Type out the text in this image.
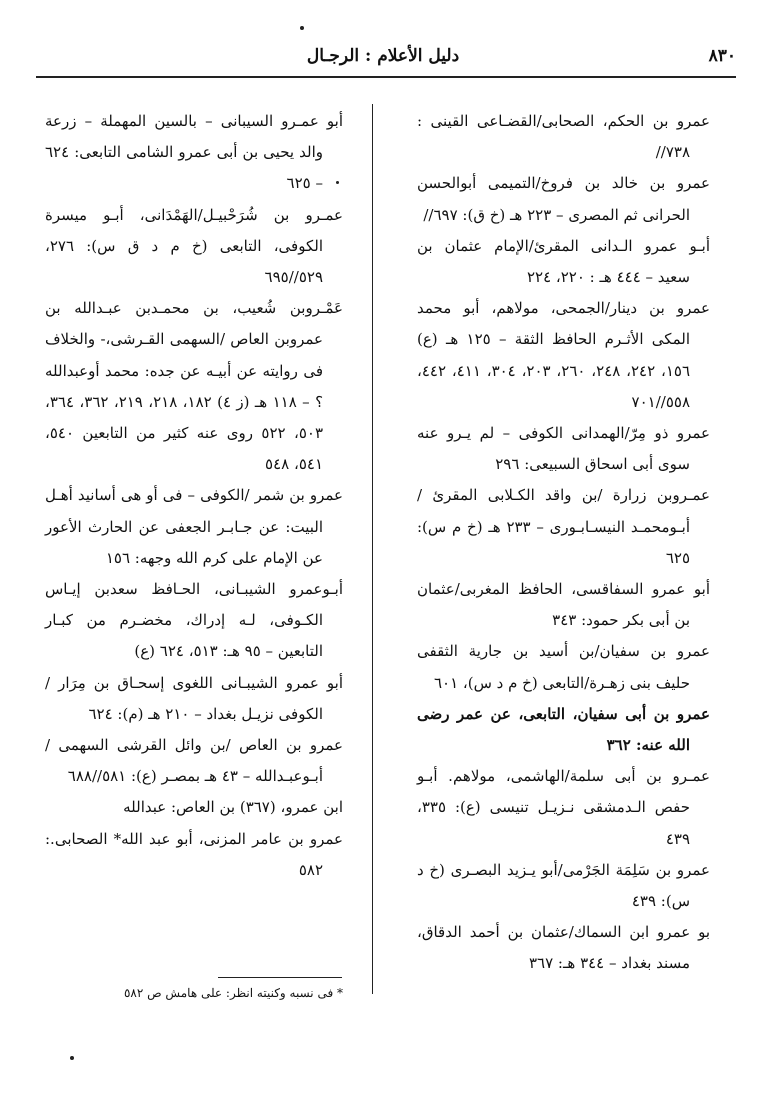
٨٣٠
دليل الأعلام : الرجـال

عمرو بن الحكم، الصحابى/القضـاعى القينى : ٧٣٨//

عمرو بن خالد بن فروخ/التميمى أبوالحسن الحرانى ثم المصرى – ٢٢٣ هـ (خ ق): ٦٩٧//

أبـو عمرو الـدانى المقرئ/الإمام عثمان بن سعيد – ٤٤٤ هـ : ٢٢٠، ٢٢٤

عمرو بن دينار/الجمحى، مولاهم، أبو محمد المكى الأثـرم الحافظ الثقة – ١٢٥ هـ (ع) ١٥٦، ٢٤٢، ٢٤٨، ٢٦٠، ٢٠٣، ٣٠٤، ٤١١، ٤٤٢، ٥٥٨//٧٠١

عمرو ذو مِرّ/الهمدانى الكوفى – لم يـرو عنه سوى أبى اسحاق السبيعى: ٢٩٦

عمـروبن زرارة /بن واقد الكـلابى المقرئ /أبـومحمـد النيسـابـورى – ٢٣٣ هـ (خ م س): ٦٢٥

أبو عمرو السفاقسى، الحافظ المغربى/عثمان بن أبى بكر حمود: ٣٤٣

عمرو بن سفيان/بن أسيد بن جارية الثقفى حليف بنى زهـرة/التابعى (خ م د س)، ٦٠١

عمرو بن أبى سفيان، التابعى، عن عمر رضى الله عنه: ٣٦٢

عمـرو بن أبى سلمة/الهاشمى، مولاهم. أبـو حفص الـدمشقى نـزيـل تنيسى (ع): ٣٣٥، ٤٣٩

عمرو بن سَلِمَة الجَرْمى/أبو يـزيد البصـرى (خ د س): ٤٣٩

بو عمرو ابن السماك/عثمان بن أحمد الدقاق، مسند بغداد – ٣٤٤ هـ: ٣٦٧

أبو عمـرو السيبانى – بالسين المهملة – زرعة والد يحيى بن أبى عمرو الشامى التابعى: ٦٢٤ – ٦٢٥

عمـرو بن شُرَحْبيـل/الهَمْدَانى، أبـو ميسرة الكوفى، التابعى (خ م د ق س): ٢٧٦، ٥٢٩//٦٩٥

عَمْـروبن شُعيب، بن محمـدبن عبـدالله بن عمروبن العاص /السهمى القـرشى،- والخلاف فى روايته عن أبيـه عن جده: محمد أوعبدالله ؟ – ١١٨ هـ (ز ٤) ١٨٢، ٢١٨، ٢١٩، ٣٦٢، ٣٦٤، ٥٠٣، ٥٢٢ روى عنه كثير من التابعين ٥٤٠، ٥٤١، ٥٤٨

عمرو بن شمر /الكوفى – فى أو هى أسانيد أهـل البيت: عن جـابـر الجعفى عن الحارث الأعور عن الإمام على كرم الله وجهه: ١٥٦

أبـوعمرو الشيبـانى، الحـافظ سعدبن إيـاس الكـوفى، لـه إدراك، مخضـرم من كبـار التابعين – ٩٥ هـ: ٥١٣، ٦٢٤ (ع)

أبو عمرو الشيبـانى اللغوى إسحـاق بن مِرَار /الكوفى نزيـل بغداد – ٢١٠ هـ (م): ٦٢٤

عمرو بن العاص /بن وائل القرشى السهمى /أبـوعبـدالله – ٤٣ هـ بمصـر (ع): ٥٨١//٦٨٨

ابن عمرو، (٣٦٧) بن العاص: عبدالله

عمرو بن عامر المزنى، أبو عبد الله* الصحابى.: ٥٨٢

* فى نسبه وكنيته انظر: على هامش ص ٥٨٢
